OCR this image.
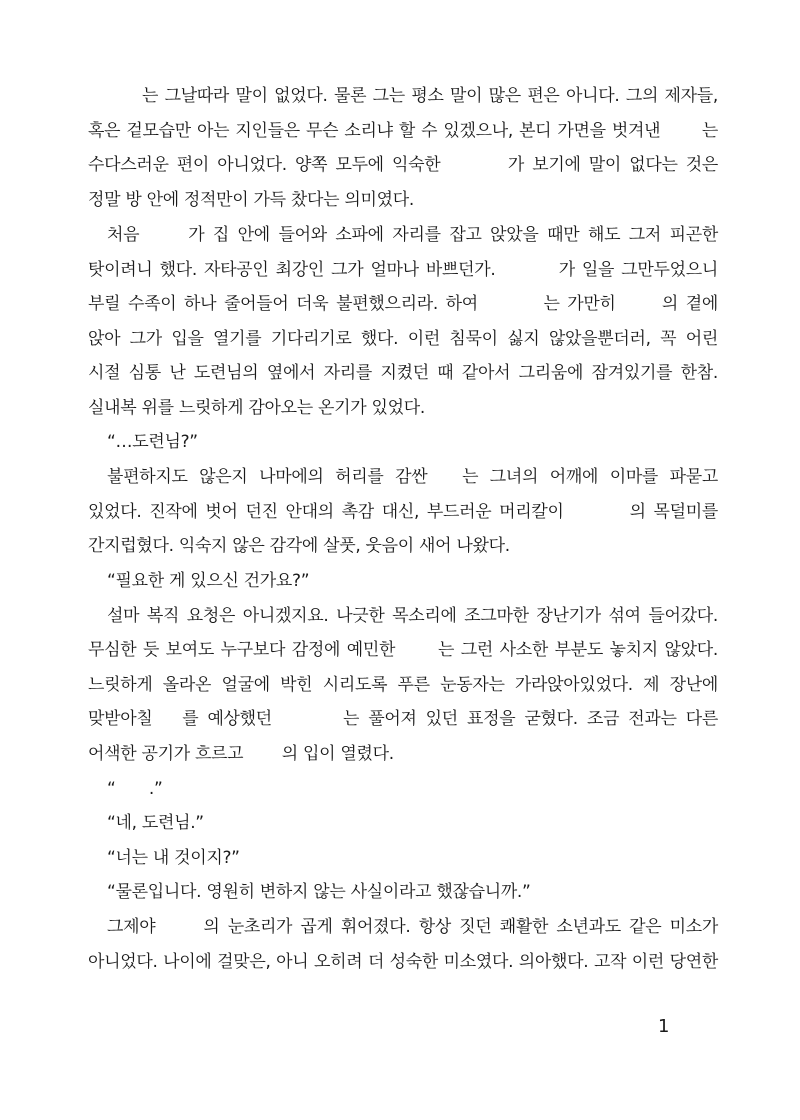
　　　는 그날따라 말이 없었다. 물론 그는 평소 말이 많은 편은 아니다. 그의 제자들,
혹은 겉모습만 아는 지인들은 무슨 소리냐 할 수 있겠으나, 본디 가면을 벗겨낸 　　는
수다스러운 편이 아니었다. 양쪽 모두에 익숙한 　　　가 보기에 말이 없다는 것은
정말 방 안에 정적만이 가득 찼다는 의미였다.
처음 　　가 집 안에 들어와 소파에 자리를 잡고 앉았을 때만 해도 그저 피곤한
탓이려니 했다. 자타공인 최강인 그가 얼마나 바쁘던가. 　　　가 일을 그만두었으니
부릴 수족이 하나 줄어들어 더욱 불편했으리라. 하여 　　　는 가만히 　　의 곁에
앉아 그가 입을 열기를 기다리기로 했다. 이런 침묵이 싫지 않았을뿐더러, 꼭 어린
시절 심통 난 도련님의 옆에서 자리를 지켰던 때 같아서 그리움에 잠겨있기를 한참.
실내복 위를 느릿하게 감아오는 온기가 있었다.
“…도련님?”
불편하지도 않은지 나마에의 허리를 감싼 　는 그녀의 어깨에 이마를 파묻고
있었다. 진작에 벗어 던진 안대의 촉감 대신, 부드러운 머리칼이 　　　의 목덜미를
간지럽혔다. 익숙지 않은 감각에 살풋, 웃음이 새어 나왔다.
“필요한 게 있으신 건가요?”
설마 복직 요청은 아니겠지요. 나긋한 목소리에 조그마한 장난기가 섞여 들어갔다.
무심한 듯 보여도 누구보다 감정에 예민한 　　는 그런 사소한 부분도 놓치지 않았다.
느릿하게 올라온 얼굴에 박힌 시리도록 푸른 눈동자는 가라앉아있었다. 제 장난에
맞받아칠 　를 예상했던 　　　는 풀어져 있던 표정을 굳혔다. 조금 전과는 다른
어색한 공기가 흐르고 　　의 입이 열렸다.
“　　.”
“네, 도련님.”
“너는 내 것이지?”
“물론입니다. 영원히 변하지 않는 사실이라고 했잖습니까.”
그제야 　　의 눈초리가 곱게 휘어졌다. 항상 짓던 쾌활한 소년과도 같은 미소가
아니었다. 나이에 걸맞은, 아니 오히려 더 성숙한 미소였다. 의아했다. 고작 이런 당연한
1
